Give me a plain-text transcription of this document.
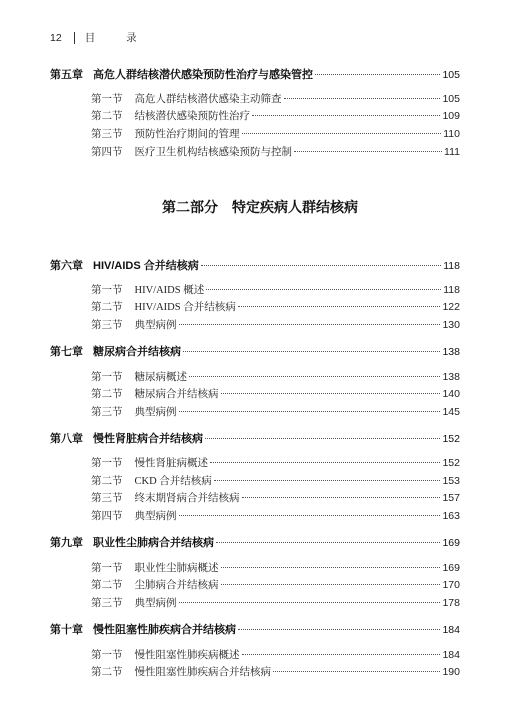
12 目 录
第二部分 特定疾病人群结核病
第五章 高危人群结核潜伏感染预防性治疗与感染管控	105
第一节 高危人群结核潜伏感染主动筛查	105
第二节 结核潜伏感染预防性治疗	109
第三节 预防性治疗期间的管理	110
第四节 医疗卫生机构结核感染预防与控制	111
第六章 HIV/AIDS 合并结核病	118
第一节 HIV/AIDS 概述	118
第二节 HIV/AIDS 合并结核病	122
第三节 典型病例	130
第七章 糖尿病合并结核病	138
第一节 糖尿病概述	138
第二节 糖尿病合并结核病	140
第三节 典型病例	145
第八章 慢性肾脏病合并结核病	152
第一节 慢性肾脏病概述	152
第二节 CKD 合并结核病	153
第三节 终末期肾病合并结核病	157
第四节 典型病例	163
第九章 职业性尘肺病合并结核病	169
第一节 职业性尘肺病概述	169
第二节 尘肺病合并结核病	170
第三节 典型病例	178
第十章 慢性阻塞性肺疾病合并结核病	184
第一节 慢性阻塞性肺疾病概述	184
第二节 慢性阻塞性肺疾病合并结核病	190
